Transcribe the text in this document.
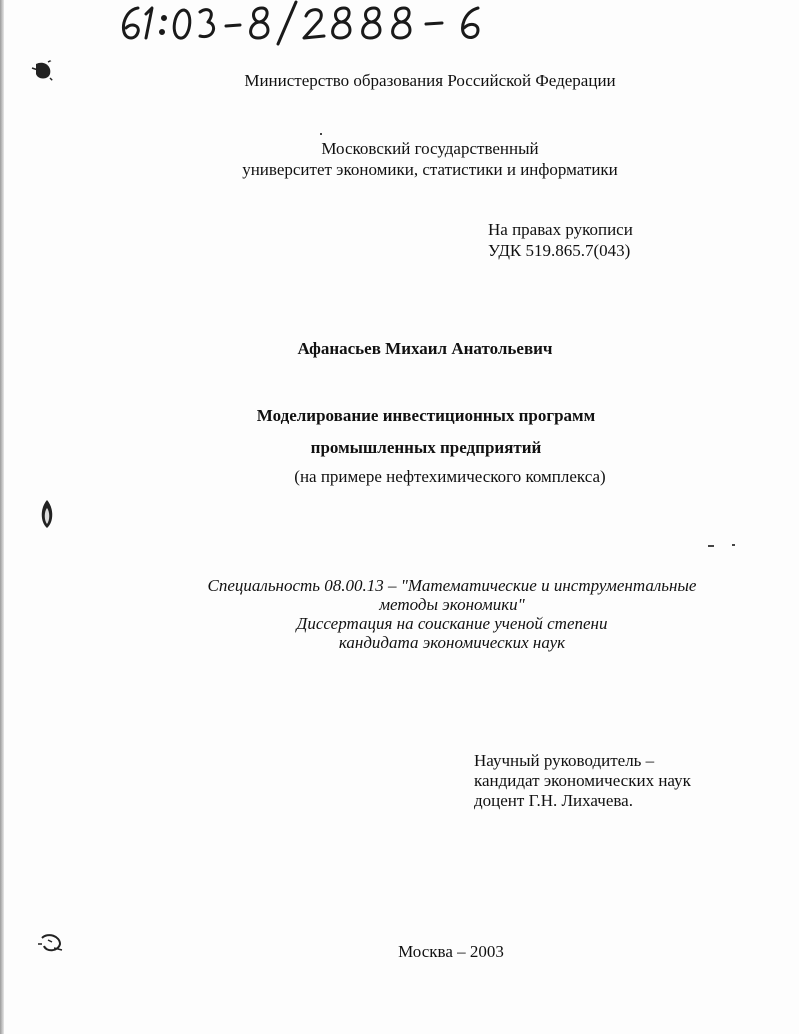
Министерство образования Российской Федерации
Московский государственный
университет экономики, статистики и информатики
На правах рукописи
УДК 519.865.7(043)
Афанасьев Михаил Анатольевич
Моделирование инвестиционных программ
промышленных предприятий
(на примере нефтехимического комплекса)
Специальность 08.00.13 – "Математические и инструментальные
методы экономики"
Диссертация на соискание ученой степени
кандидата экономических наук
Научный руководитель –
кандидат экономических наук
доцент Г.Н. Лихачева.
Москва – 2003
